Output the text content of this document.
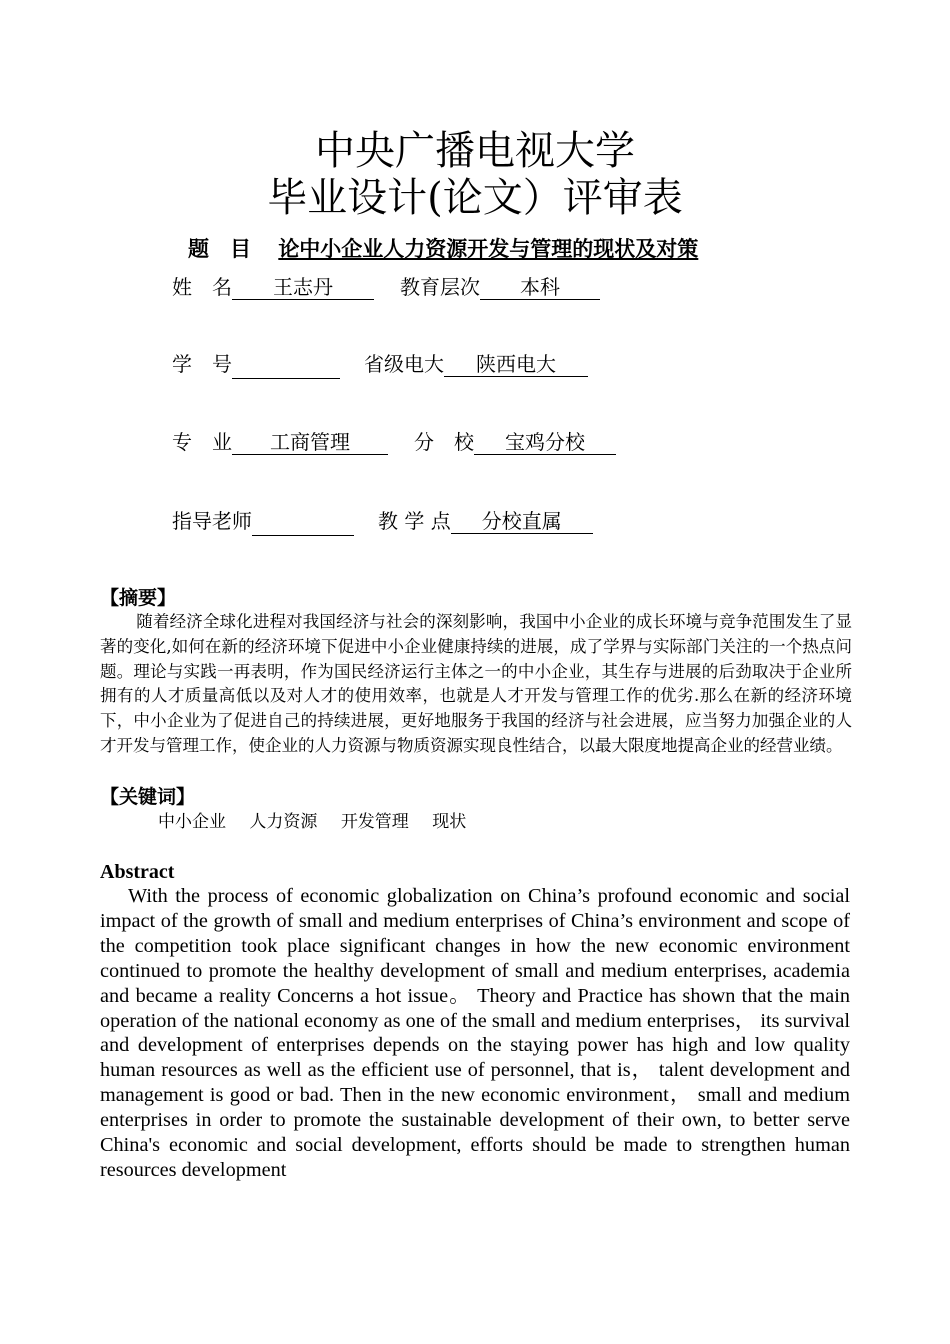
中央广播电视大学
毕业设计(论文）评审表
题　目 论中小企业人力资源开发与管理的现状及对策
姓　名 王志丹	教育层次 本科
学　号	省级电大 陕西电大
专　业 工商管理	分　校 宝鸡分校
指导老师	教 学 点 分校直属
【摘要】

随着经济全球化进程对我国经济与社会的深刻影响，我国中小企业的成长环境与竞争范围发生了显著的变化,如何在新的经济环境下促进中小企业健康持续的进展，成了学界与实际部门关注的一个热点问题。理论与实践一再表明，作为国民经济运行主体之一的中小企业，其生存与进展的后劲取决于企业所拥有的人才质量高低以及对人才的使用效率，也就是人才开发与管理工作的优劣.那么在新的经济环境下，中小企业为了促进自己的持续进展，更好地服务于我国的经济与社会进展，应当努力加强企业的人才开发与管理工作，使企业的人力资源与物质资源实现良性结合，以最大限度地提高企业的经营业绩。

【关键词】
中小企业 人力资源 开发管理 现状
Abstract

With the process of economic globalization on China’s profound economic and social impact of the growth of small and medium enterprises of China’s environment and scope of the competition took place significant changes in how the new economic environment continued to promote the healthy development of small and medium enterprises, academia and became a reality Concerns a hot issue。 Theory and Practice has shown that the main operation of the national economy as one of the small and medium enterprises， its survival and development of enterprises depends on the staying power has high and low quality human resources as well as the efficient use of personnel, that is， talent development and management is good or bad. Then in the new economic environment， small and medium enterprises in order to promote the sustainable development of their own, to better serve China's economic and social development, efforts should be made to strengthen human resources development
